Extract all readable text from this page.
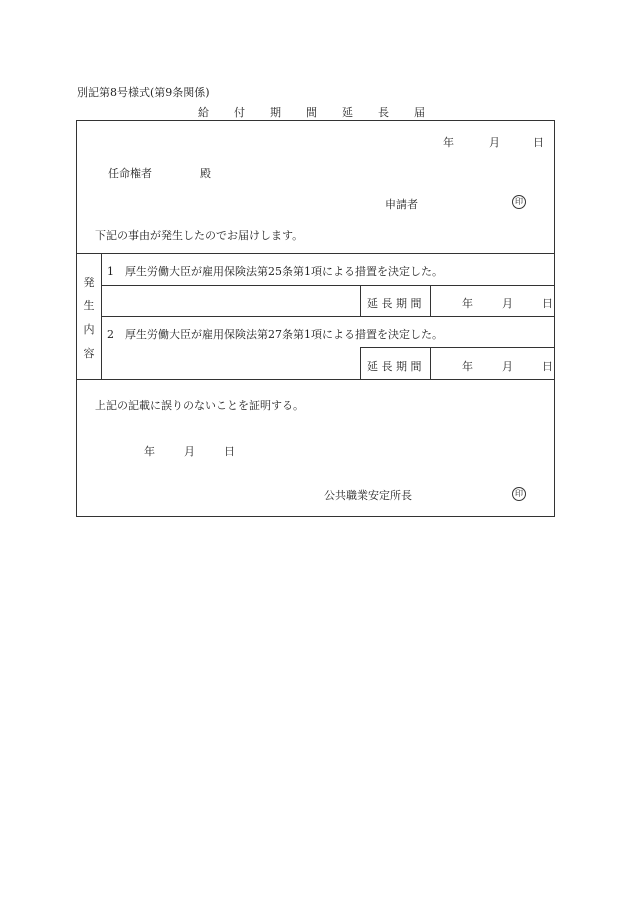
別記第8号様式(第9条関係)
給 付 期 間 延 長 届
年	月	日
任命権者	殿
申請者	印
下記の事由が発生したのでお届けします。
発
生
内
容
1　厚生労働大臣が雇用保険法第25条第1項による措置を決定した。
延 長 期 間	年	月	日
2　厚生労働大臣が雇用保険法第27条第1項による措置を決定した。
延 長 期 間	年	月	日
上記の記載に誤りのないことを証明する。
年	月	日
公共職業安定所長	印
